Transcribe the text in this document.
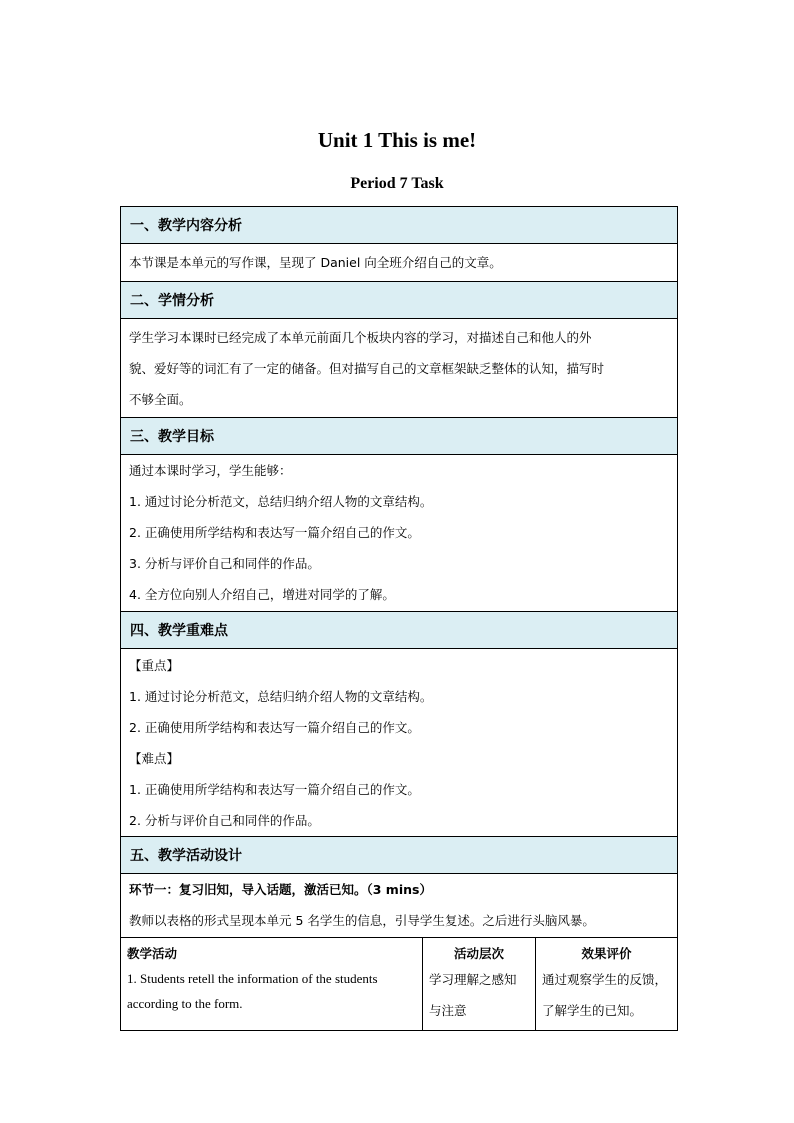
Unit 1 This is me!
Period 7 Task
一、教学内容分析
本节课是本单元的写作课，呈现了 Daniel 向全班介绍自己的文章。
二、学情分析
学生学习本课时已经完成了本单元前面几个板块内容的学习，对描述自己和他人的外
貌、爱好等的词汇有了一定的储备。但对描写自己的文章框架缺乏整体的认知，描写时
不够全面。
三、教学目标
通过本课时学习，学生能够：
1. 通过讨论分析范文，总结归纳介绍人物的文章结构。
2. 正确使用所学结构和表达写一篇介绍自己的作文。
3. 分析与评价自己和同伴的作品。
4. 全方位向别人介绍自己，增进对同学的了解。
四、教学重难点
【重点】
1. 通过讨论分析范文，总结归纳介绍人物的文章结构。
2. 正确使用所学结构和表达写一篇介绍自己的作文。
【难点】
1. 正确使用所学结构和表达写一篇介绍自己的作文。
2. 分析与评价自己和同伴的作品。
五、教学活动设计
环节一：复习旧知，导入话题，激活已知。（3 mins）
教师以表格的形式呈现本单元 5 名学生的信息，引导学生复述。之后进行头脑风暴。
教学活动
1. Students retell the information of the students
according to the form.
活动层次
学习理解之感知
与注意
效果评价
通过观察学生的反馈，
了解学生的已知。
